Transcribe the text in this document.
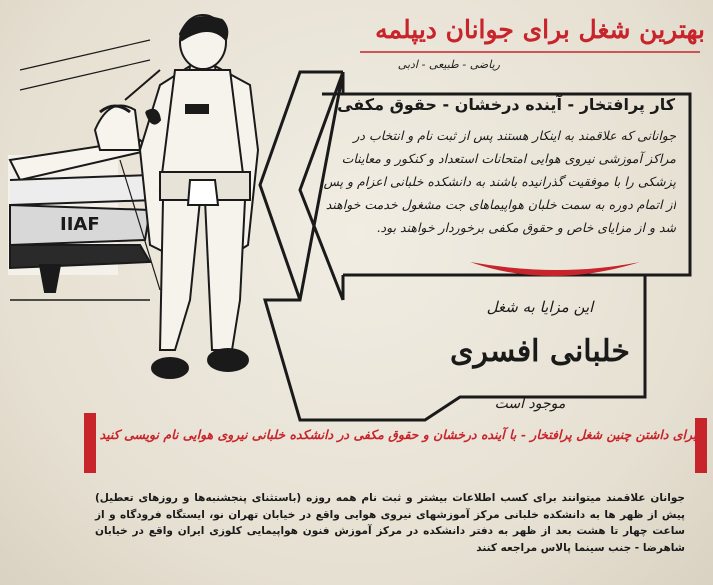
IIAF
بهترین شغل برای جوانان دیپلمه
ریاضی - طبیعی - ادبی
کار پرافتخار - آینده درخشان - حقوق مکفی
جوانانی که علاقمند به اینکار هستند پس از ثبت نام و انتخاب در مراکز آموزشی نیروی هوایی امتحانات استعداد و کنکور و معاینات پزشکی را با موفقیت گذرانیده باشند به دانشکده خلبانی اعزام و پس از اتمام دوره به سمت خلبان هواپیماهای جت مشغول خدمت خواهند شد و از مزایای خاص و حقوق مکفی برخوردار خواهند بود.
این مزایا به شغل
خلبانی افسری
موجود است
برای داشتن چنین شغل پرافتخار - با آینده درخشان و حقوق مکفی در دانشکده خلبانی نیروی هوایی نام نویسی کنید
جوانان علاقمند میتوانند برای کسب اطلاعات بیشتر و ثبت نام همه روزه (باستثنای پنجشنبه‌ها و روزهای تعطیل) پیش از ظهر ها به دانشکده خلبانی مرکز آموزشهای نیروی هوایی واقع در خیابان تهران نو، ایستگاه فرودگاه و از ساعت چهار تا هشت بعد از ظهر به دفتر دانشکده در مرکز آموزش فنون هواپیمایی کلوزی ایران واقع در خیابان شاهرضا - جنب سینما پالاس مراجعه کنند
